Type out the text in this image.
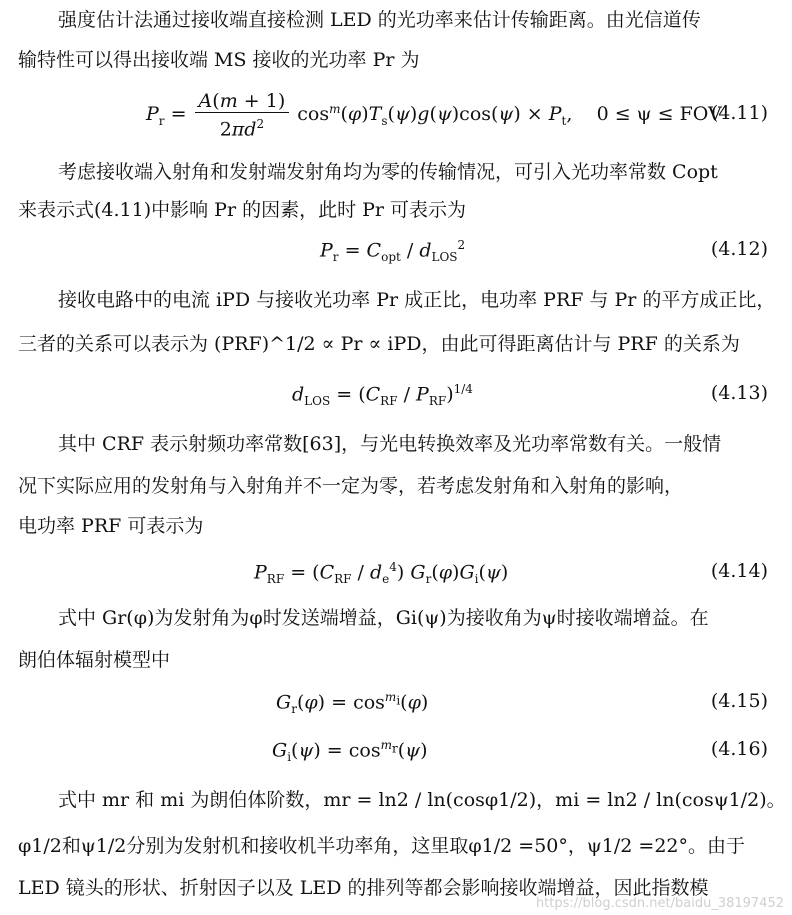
强度估计法通过接收端直接检测 LED 的光功率来估计传输距离。由光信道传
输特性可以得出接收端 MS 接收的光功率 Pr 为
$P_r = \frac{A(m + 1)}{2\pi d^2} \cos^m(\varphi)T_s(\psi)g(\psi)\cos(\psi) \times P_t$,    0 ≤ ψ ≤ FOV
(4.11)
考虑接收端入射角和发射端发射角均为零的传输情况，可引入光功率常数 Copt
来表示式(4.11)中影响 Pr 的因素，此时 Pr 可表示为
$P_r = C_{opt} / d_{LOS}^2$	(4.12)
接收电路中的电流 iPD 与接收光功率 Pr 成正比，电功率 PRF 与 Pr 的平方成正比，
三者的关系可以表示为 (PRF)^1/2 ∝ Pr ∝ iPD，由此可得距离估计与 PRF 的关系为
$d_{LOS} = (C_{RF} / P_{RF})^{1/4}$	(4.13)
其中 CRF 表示射频功率常数[63]，与光电转换效率及光功率常数有关。一般情
况下实际应用的发射角与入射角并不一定为零，若考虑发射角和入射角的影响，
电功率 PRF 可表示为
$P_{RF} = (C_{RF} / d_e^4)$ $G_r(\varphi)G_i(\psi)$	(4.14)
式中 Gr(φ)为发射角为φ时发送端增益，Gi(ψ)为接收角为ψ时接收端增益。在
朗伯体辐射模型中
$G_r(\varphi) = \cos^{m_i}(\varphi)$	(4.15)
$G_i(\psi) = \cos^{m_r}(\psi)$	(4.16)
式中 mr 和 mi 为朗伯体阶数，mr = ln2 / ln(cosφ1/2)，mi = ln2 / ln(cosψ1/2)。
φ1/2和ψ1/2分别为发射机和接收机半功率角，这里取φ1/2 =50°，ψ1/2 =22°。由于
LED 镜头的形状、折射因子以及 LED 的排列等都会影响接收端增益，因此指数模
https://blog.csdn.net/baidu_38197452
